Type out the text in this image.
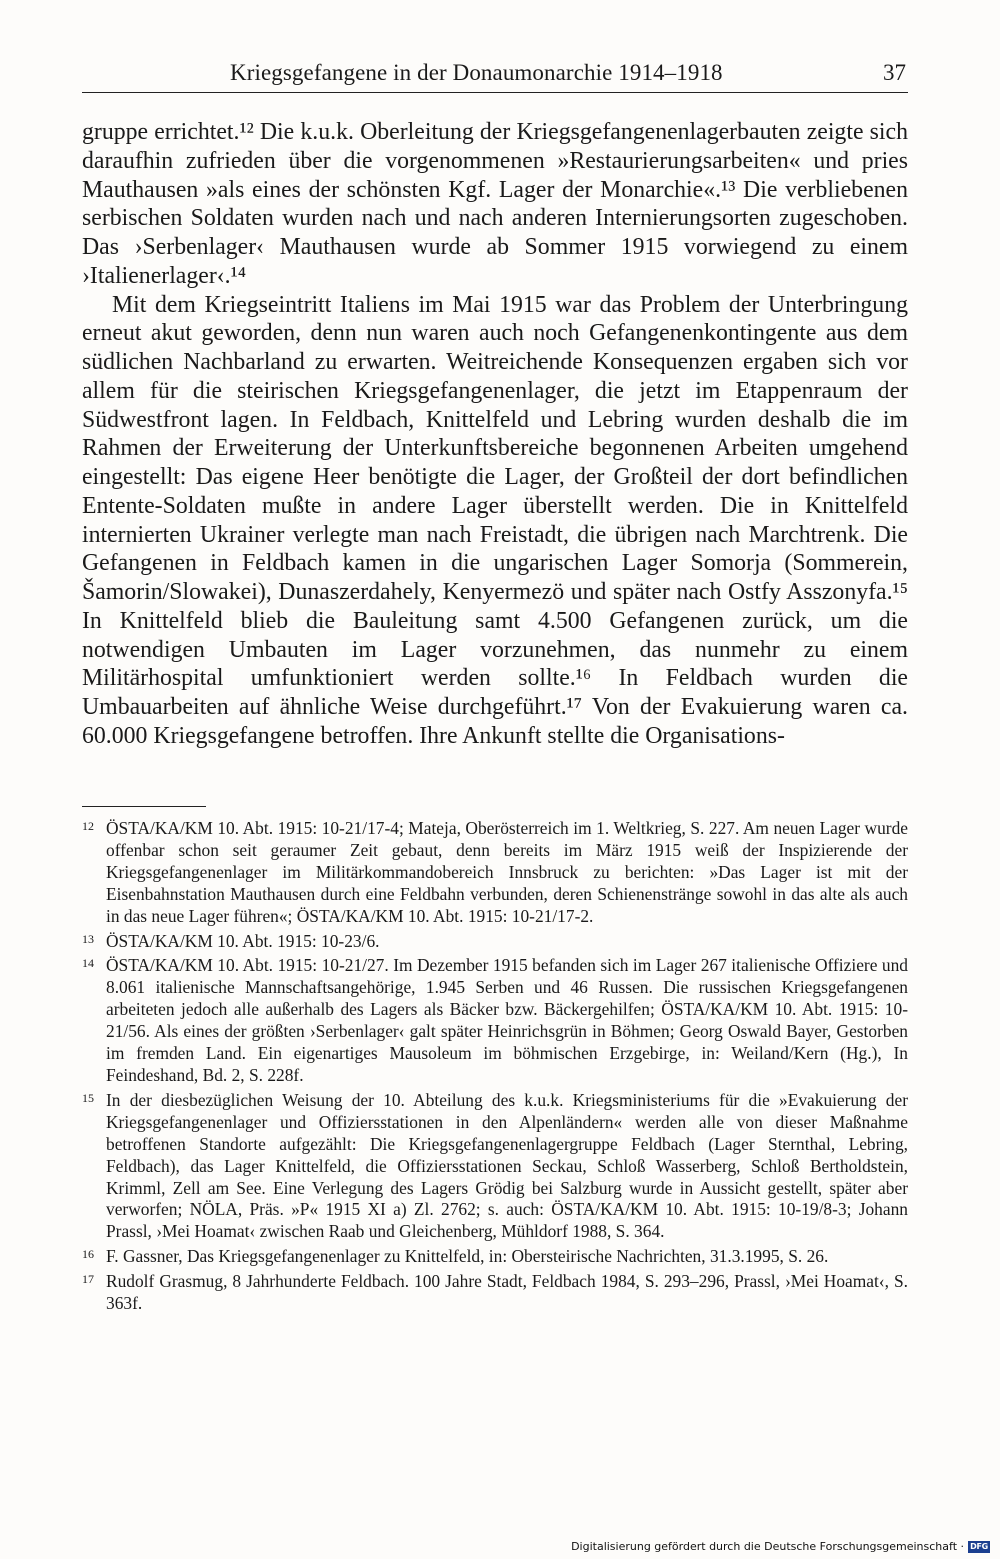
Kriegsgefangene in der Donaumonarchie 1914–1918	37

gruppe errichtet.¹² Die k.u.k. Oberleitung der Kriegsgefangenenlagerbauten zeigte sich daraufhin zufrieden über die vorgenommenen »Restaurierungsarbeiten« und pries Mauthausen »als eines der schönsten Kgf. Lager der Monarchie«.¹³ Die verbliebenen serbischen Soldaten wurden nach und nach anderen Internierungsorten zugeschoben. Das ›Serbenlager‹ Mauthausen wurde ab Sommer 1915 vorwiegend zu einem ›Italienerlager‹.¹⁴

Mit dem Kriegseintritt Italiens im Mai 1915 war das Problem der Unterbringung erneut akut geworden, denn nun waren auch noch Gefangenenkontingente aus dem südlichen Nachbarland zu erwarten. Weitreichende Konsequenzen ergaben sich vor allem für die steirischen Kriegsgefangenenlager, die jetzt im Etappenraum der Südwestfront lagen. In Feldbach, Knittelfeld und Lebring wurden deshalb die im Rahmen der Erweiterung der Unterkunftsbereiche begonnenen Arbeiten umgehend eingestellt: Das eigene Heer benötigte die Lager, der Großteil der dort befindlichen Entente-Soldaten mußte in andere Lager überstellt werden. Die in Knittelfeld internierten Ukrainer verlegte man nach Freistadt, die übrigen nach Marchtrenk. Die Gefangenen in Feldbach kamen in die ungarischen Lager Somorja (Sommerein, Šamorin/Slowakei), Dunaszerdahely, Kenyermezö und später nach Ostfy Asszonyfa.¹⁵ In Knittelfeld blieb die Bauleitung samt 4.500 Gefangenen zurück, um die notwendigen Umbauten im Lager vorzunehmen, das nunmehr zu einem Militärhospital umfunktioniert werden sollte.¹⁶ In Feldbach wurden die Umbauarbeiten auf ähnliche Weise durchgeführt.¹⁷ Von der Evakuierung waren ca. 60.000 Kriegsgefangene betroffen. Ihre Ankunft stellte die Organisations-

12 ÖSTA/KA/KM 10. Abt. 1915: 10-21/17-4; Mateja, Oberösterreich im 1. Weltkrieg, S. 227. Am neuen Lager wurde offenbar schon seit geraumer Zeit gebaut, denn bereits im März 1915 weiß der Inspizierende der Kriegsgefangenenlager im Militärkommandobereich Innsbruck zu berichten: »Das Lager ist mit der Eisenbahnstation Mauthausen durch eine Feldbahn verbunden, deren Schienenstränge sowohl in das alte als auch in das neue Lager führen«; ÖSTA/KA/KM 10. Abt. 1915: 10-21/17-2.
13 ÖSTA/KA/KM 10. Abt. 1915: 10-23/6.
14 ÖSTA/KA/KM 10. Abt. 1915: 10-21/27. Im Dezember 1915 befanden sich im Lager 267 italienische Offiziere und 8.061 italienische Mannschaftsangehörige, 1.945 Serben und 46 Russen. Die russischen Kriegsgefangenen arbeiteten jedoch alle außerhalb des Lagers als Bäcker bzw. Bäckergehilfen; ÖSTA/KA/KM 10. Abt. 1915: 10-21/56. Als eines der größten ›Serbenlager‹ galt später Heinrichsgrün in Böhmen; Georg Oswald Bayer, Gestorben im fremden Land. Ein eigenartiges Mausoleum im böhmischen Erzgebirge, in: Weiland/Kern (Hg.), In Feindeshand, Bd. 2, S. 228f.
15 In der diesbezüglichen Weisung der 10. Abteilung des k.u.k. Kriegsministeriums für die »Evakuierung der Kriegsgefangenenlager und Offiziersstationen in den Alpenländern« werden alle von dieser Maßnahme betroffenen Standorte aufgezählt: Die Kriegsgefangenenlagergruppe Feldbach (Lager Sternthal, Lebring, Feldbach), das Lager Knittelfeld, die Offiziersstationen Seckau, Schloß Wasserberg, Schloß Bertholdstein, Krimml, Zell am See. Eine Verlegung des Lagers Grödig bei Salzburg wurde in Aussicht gestellt, später aber verworfen; NÖLA, Präs. »P« 1915 XI a) Zl. 2762; s. auch: ÖSTA/KA/KM 10. Abt. 1915: 10-19/8-3; Johann Prassl, ›Mei Hoamat‹ zwischen Raab und Gleichenberg, Mühldorf 1988, S. 364.
16 F. Gassner, Das Kriegsgefangenenlager zu Knittelfeld, in: Obersteirische Nachrichten, 31.3.1995, S. 26.
17 Rudolf Grasmug, 8 Jahrhunderte Feldbach. 100 Jahre Stadt, Feldbach 1984, S. 293–296, Prassl, ›Mei Hoamat‹, S. 363f.
Digitalisierung gefördert durch die Deutsche Forschungsgemeinschaft · DFG
